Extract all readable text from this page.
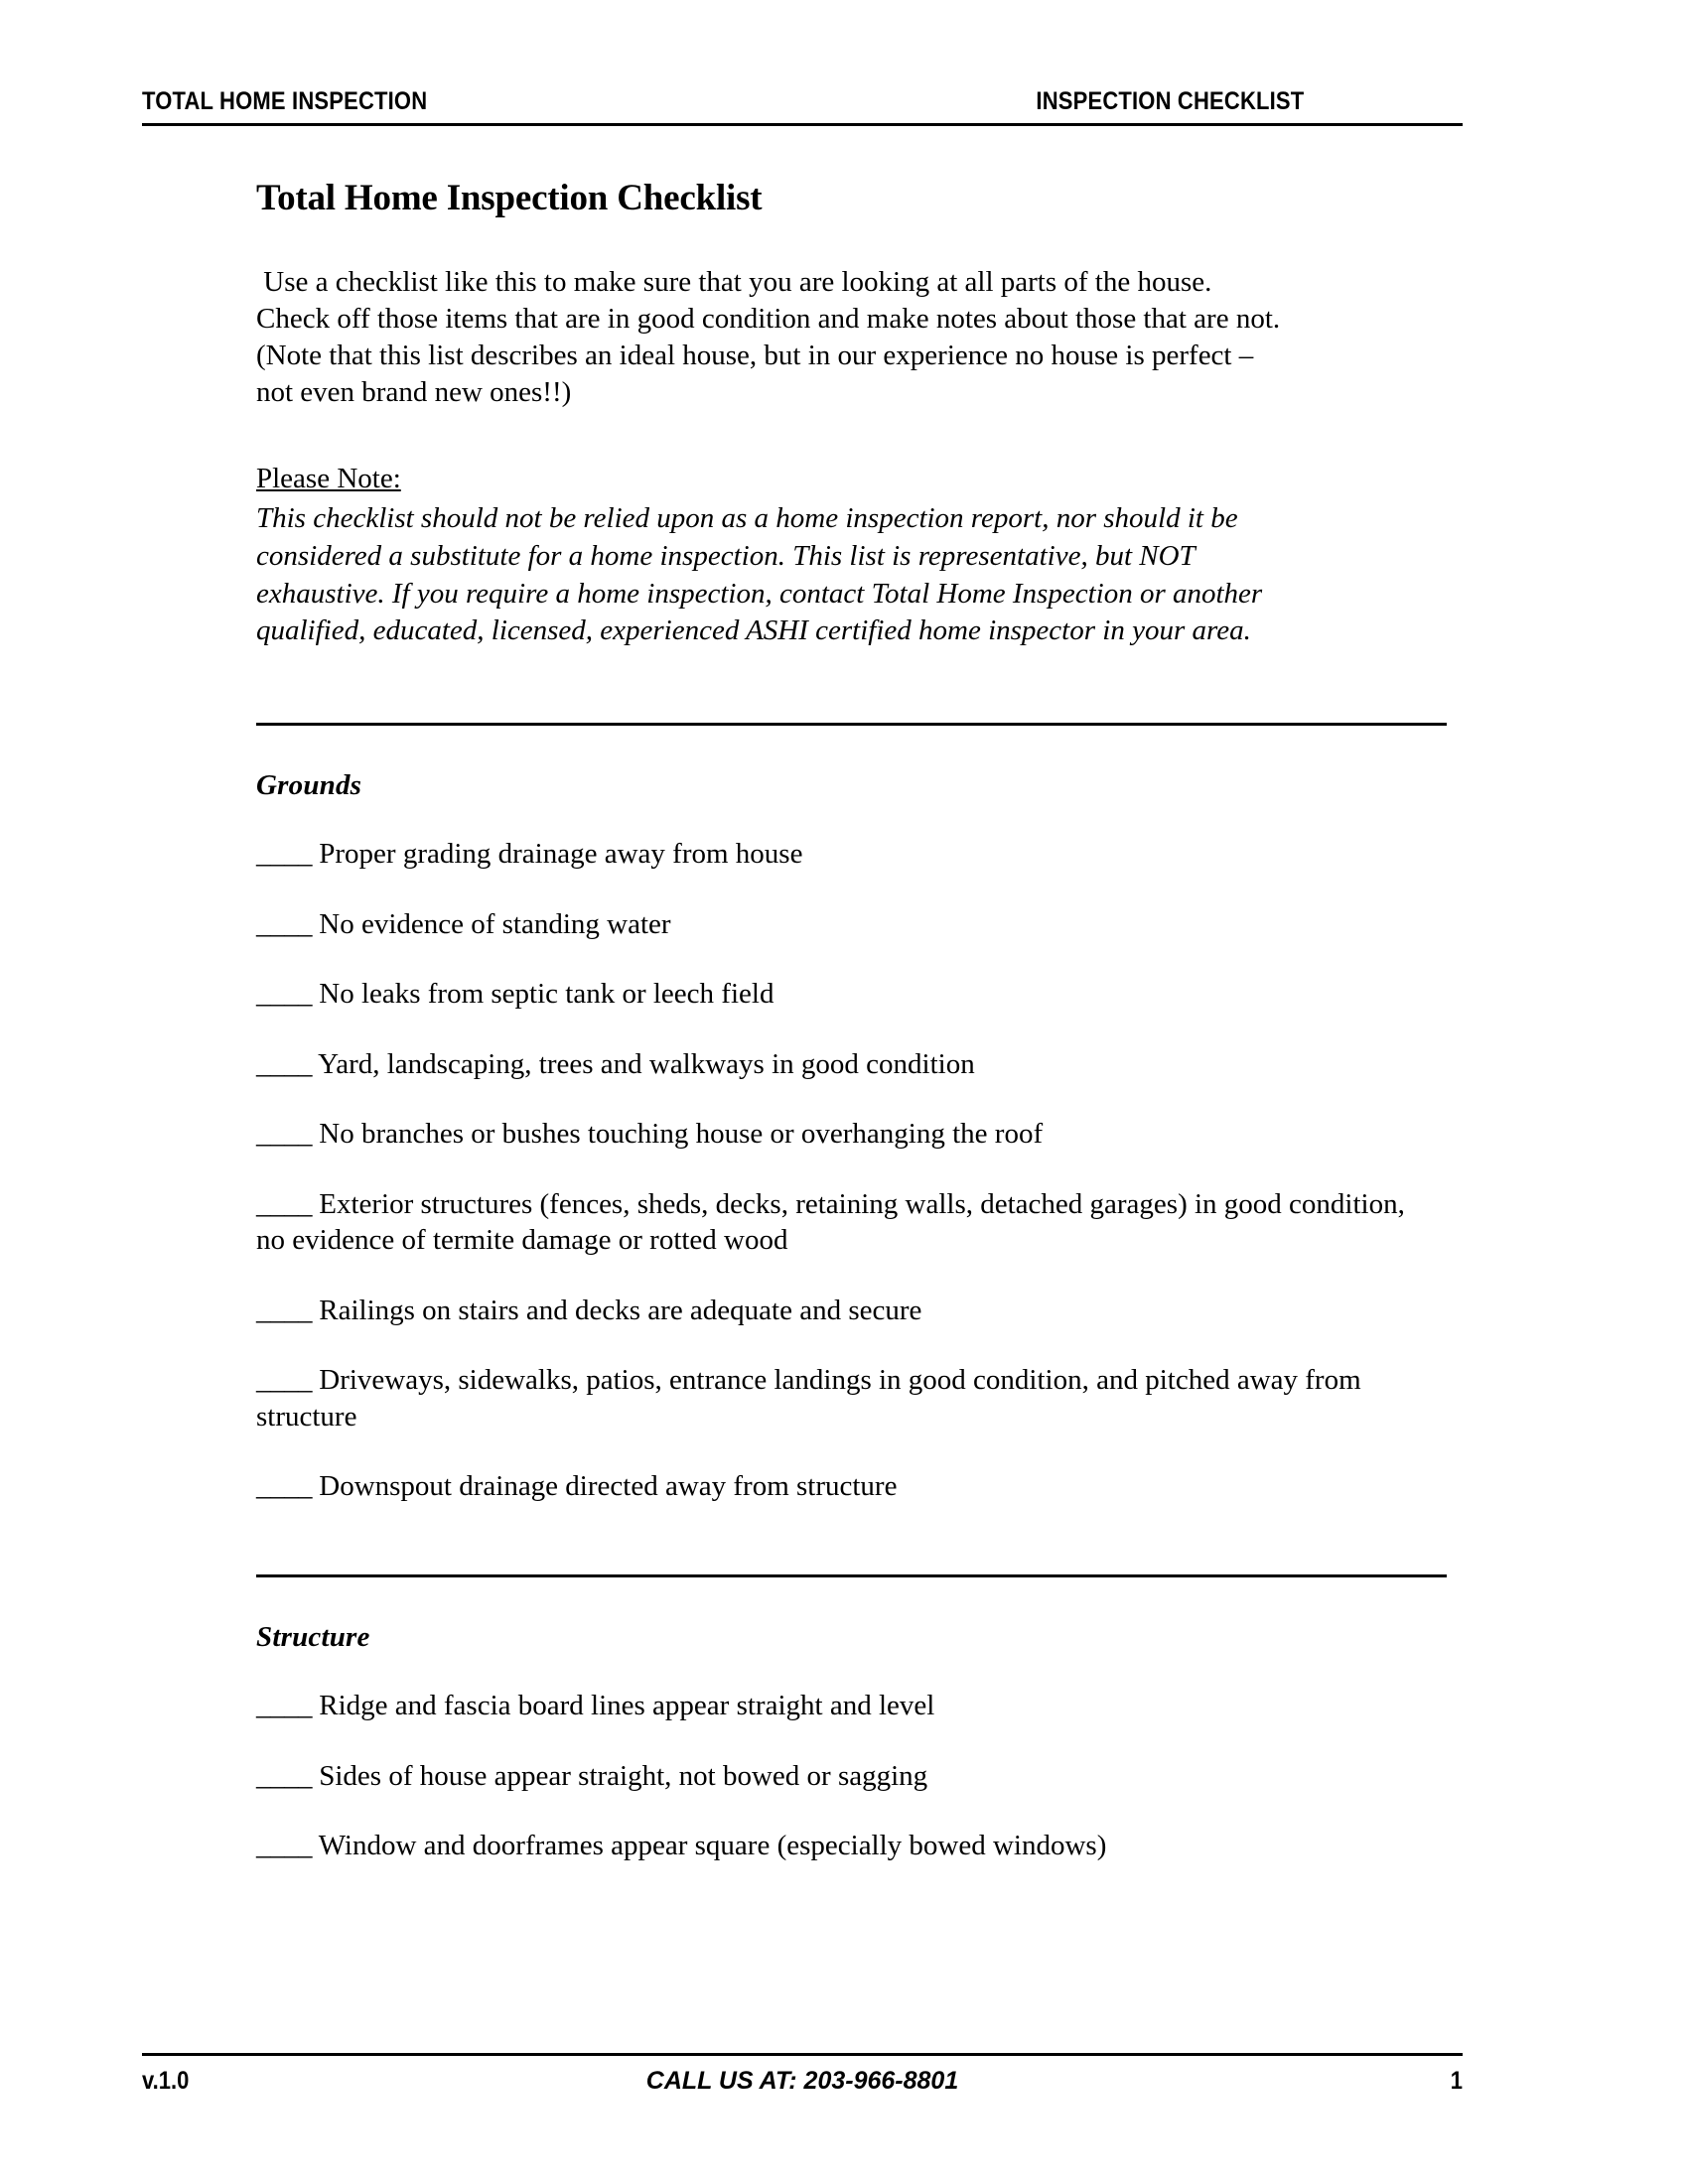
TOTAL HOME INSPECTION	INSPECTION CHECKLIST
Total Home Inspection Checklist

Use a checklist like this to make sure that you are looking at all parts of the house.
Check off those items that are in good condition and make notes about those that are not.
(Note that this list describes an ideal house, but in our experience no house is perfect –
not even brand new ones!!)

Please Note:
This checklist should not be relied upon as a home inspection report, nor should it be
considered a substitute for a home inspection. This list is representative, but NOT
exhaustive. If you require a home inspection, contact Total Home Inspection or another
qualified, educated, licensed, experienced ASHI certified home inspector in your area.
Grounds
____ Proper grading drainage away from house
____ No evidence of standing water
____ No leaks from septic tank or leech field
____ Yard, landscaping, trees and walkways in good condition
____ No branches or bushes touching house or overhanging the roof
____ Exterior structures (fences, sheds, decks, retaining walls, detached garages) in good condition, no evidence of termite damage or rotted wood
____ Railings on stairs and decks are adequate and secure
____ Driveways, sidewalks, patios, entrance landings in good condition, and pitched away from structure
____ Downspout drainage directed away from structure
Structure
____ Ridge and fascia board lines appear straight and level
____ Sides of house appear straight, not bowed or sagging
____ Window and doorframes appear square (especially bowed windows)
v.1.0	CALL US AT: 203-966-8801	1
